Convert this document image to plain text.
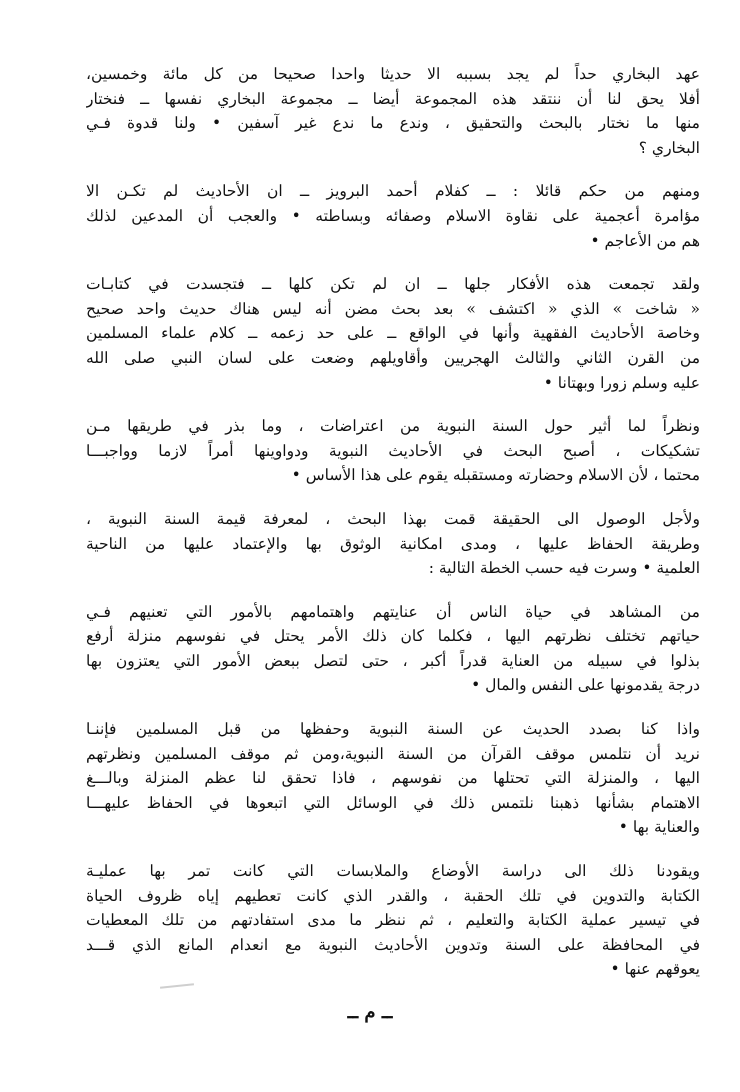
عهد البخاري حداً لم يجد بسببه الا حديثا واحدا صحيحا من كل مائة وخمسين،
أفلا يحق لنا أن ننتقد هذه المجموعة أيضا ــ مجموعة البخاري نفسها ــ فنختار
منها ما نختار بالبحث والتحقيق ، وندع ما ندع غير آسفين • ولنا قدوة فـي
البخاري ؟
ومنهم من حكم قائلا : ــ كفلام أحمد البرويز ــ ان الأحاديث لم تكـن الا
مؤامرة أعجمية على نقاوة الاسلام وصفائه وبساطته • والعجب أن المدعين لذلك
هم من الأعاجم •
ولقد تجمعت هذه الأفكار جلها ــ ان لم تكن كلها ــ فتجسدت في كتابـات
« شاخت » الذي « اكتشف » بعد بحث مضن أنه ليس هناك حديث واحد صحيح
وخاصة الأحاديث الفقهية وأنها في الواقع ــ على حد زعمه ــ كلام علماء المسلمين
من القرن الثاني والثالث الهجريين وأقاويلهم وضعت على لسان النبي صلى الله
عليه وسلم زورا وبهتانا •
ونظراً لما أثير حول السنة النبوية من اعتراضات ، وما بذر في طريقها مـن
تشكيكات ، أصبح البحث في الأحاديث النبوية ودواوينها أمراً لازما وواجبـــا
محتما ، لأن الاسلام وحضارته ومستقبله يقوم على هذا الأساس •
ولأجل الوصول الى الحقيقة قمت بهذا البحث ، لمعرفة قيمة السنة النبوية ،
وطريقة الحفاظ عليها ، ومدى امكانية الوثوق بها والإعتماد عليها من الناحية
العلمية • وسرت فيه حسب الخطة التالية :
من المشاهد في حياة الناس أن عنايتهم واهتمامهم بالأمور التي تعنيهم فـي
حياتهم تختلف نظرتهم اليها ، فكلما كان ذلك الأمر يحتل في نفوسهم منزلة أرفع
بذلوا في سبيله من العناية قدراً أكبر ، حتى لتصل ببعض الأمور التي يعتزون بها
درجة يقدمونها على النفس والمال •
واذا كنا بصدد الحديث عن السنة النبوية وحفظها من قبل المسلمين فإننـا
نريد أن نتلمس موقف القرآن من السنة النبوية،ومن ثم موقف المسلمين ونظرتهم
اليها ، والمنزلة التي تحتلها من نفوسهم ، فاذا تحقق لنا عظم المنزلة وبالـــغ
الاهتمام بشأنها ذهبنا نلتمس ذلك في الوسائل التي اتبعوها في الحفاظ عليهـــا
والعناية بها •
ويقودنا ذلك الى دراسة الأوضاع والملابسات التي كانت تمر بها عمليـة
الكتابة والتدوين في تلك الحقبة ، والقدر الذي كانت تعطيهم إياه ظروف الحياة
في تيسير عملية الكتابة والتعليم ، ثم ننظر ما مدى استفادتهم من تلك المعطيات
في المحافظة على السنة وتدوين الأحاديث النبوية مع انعدام المانع الذي قـــد
يعوقهم عنها •
ــ م ــ
